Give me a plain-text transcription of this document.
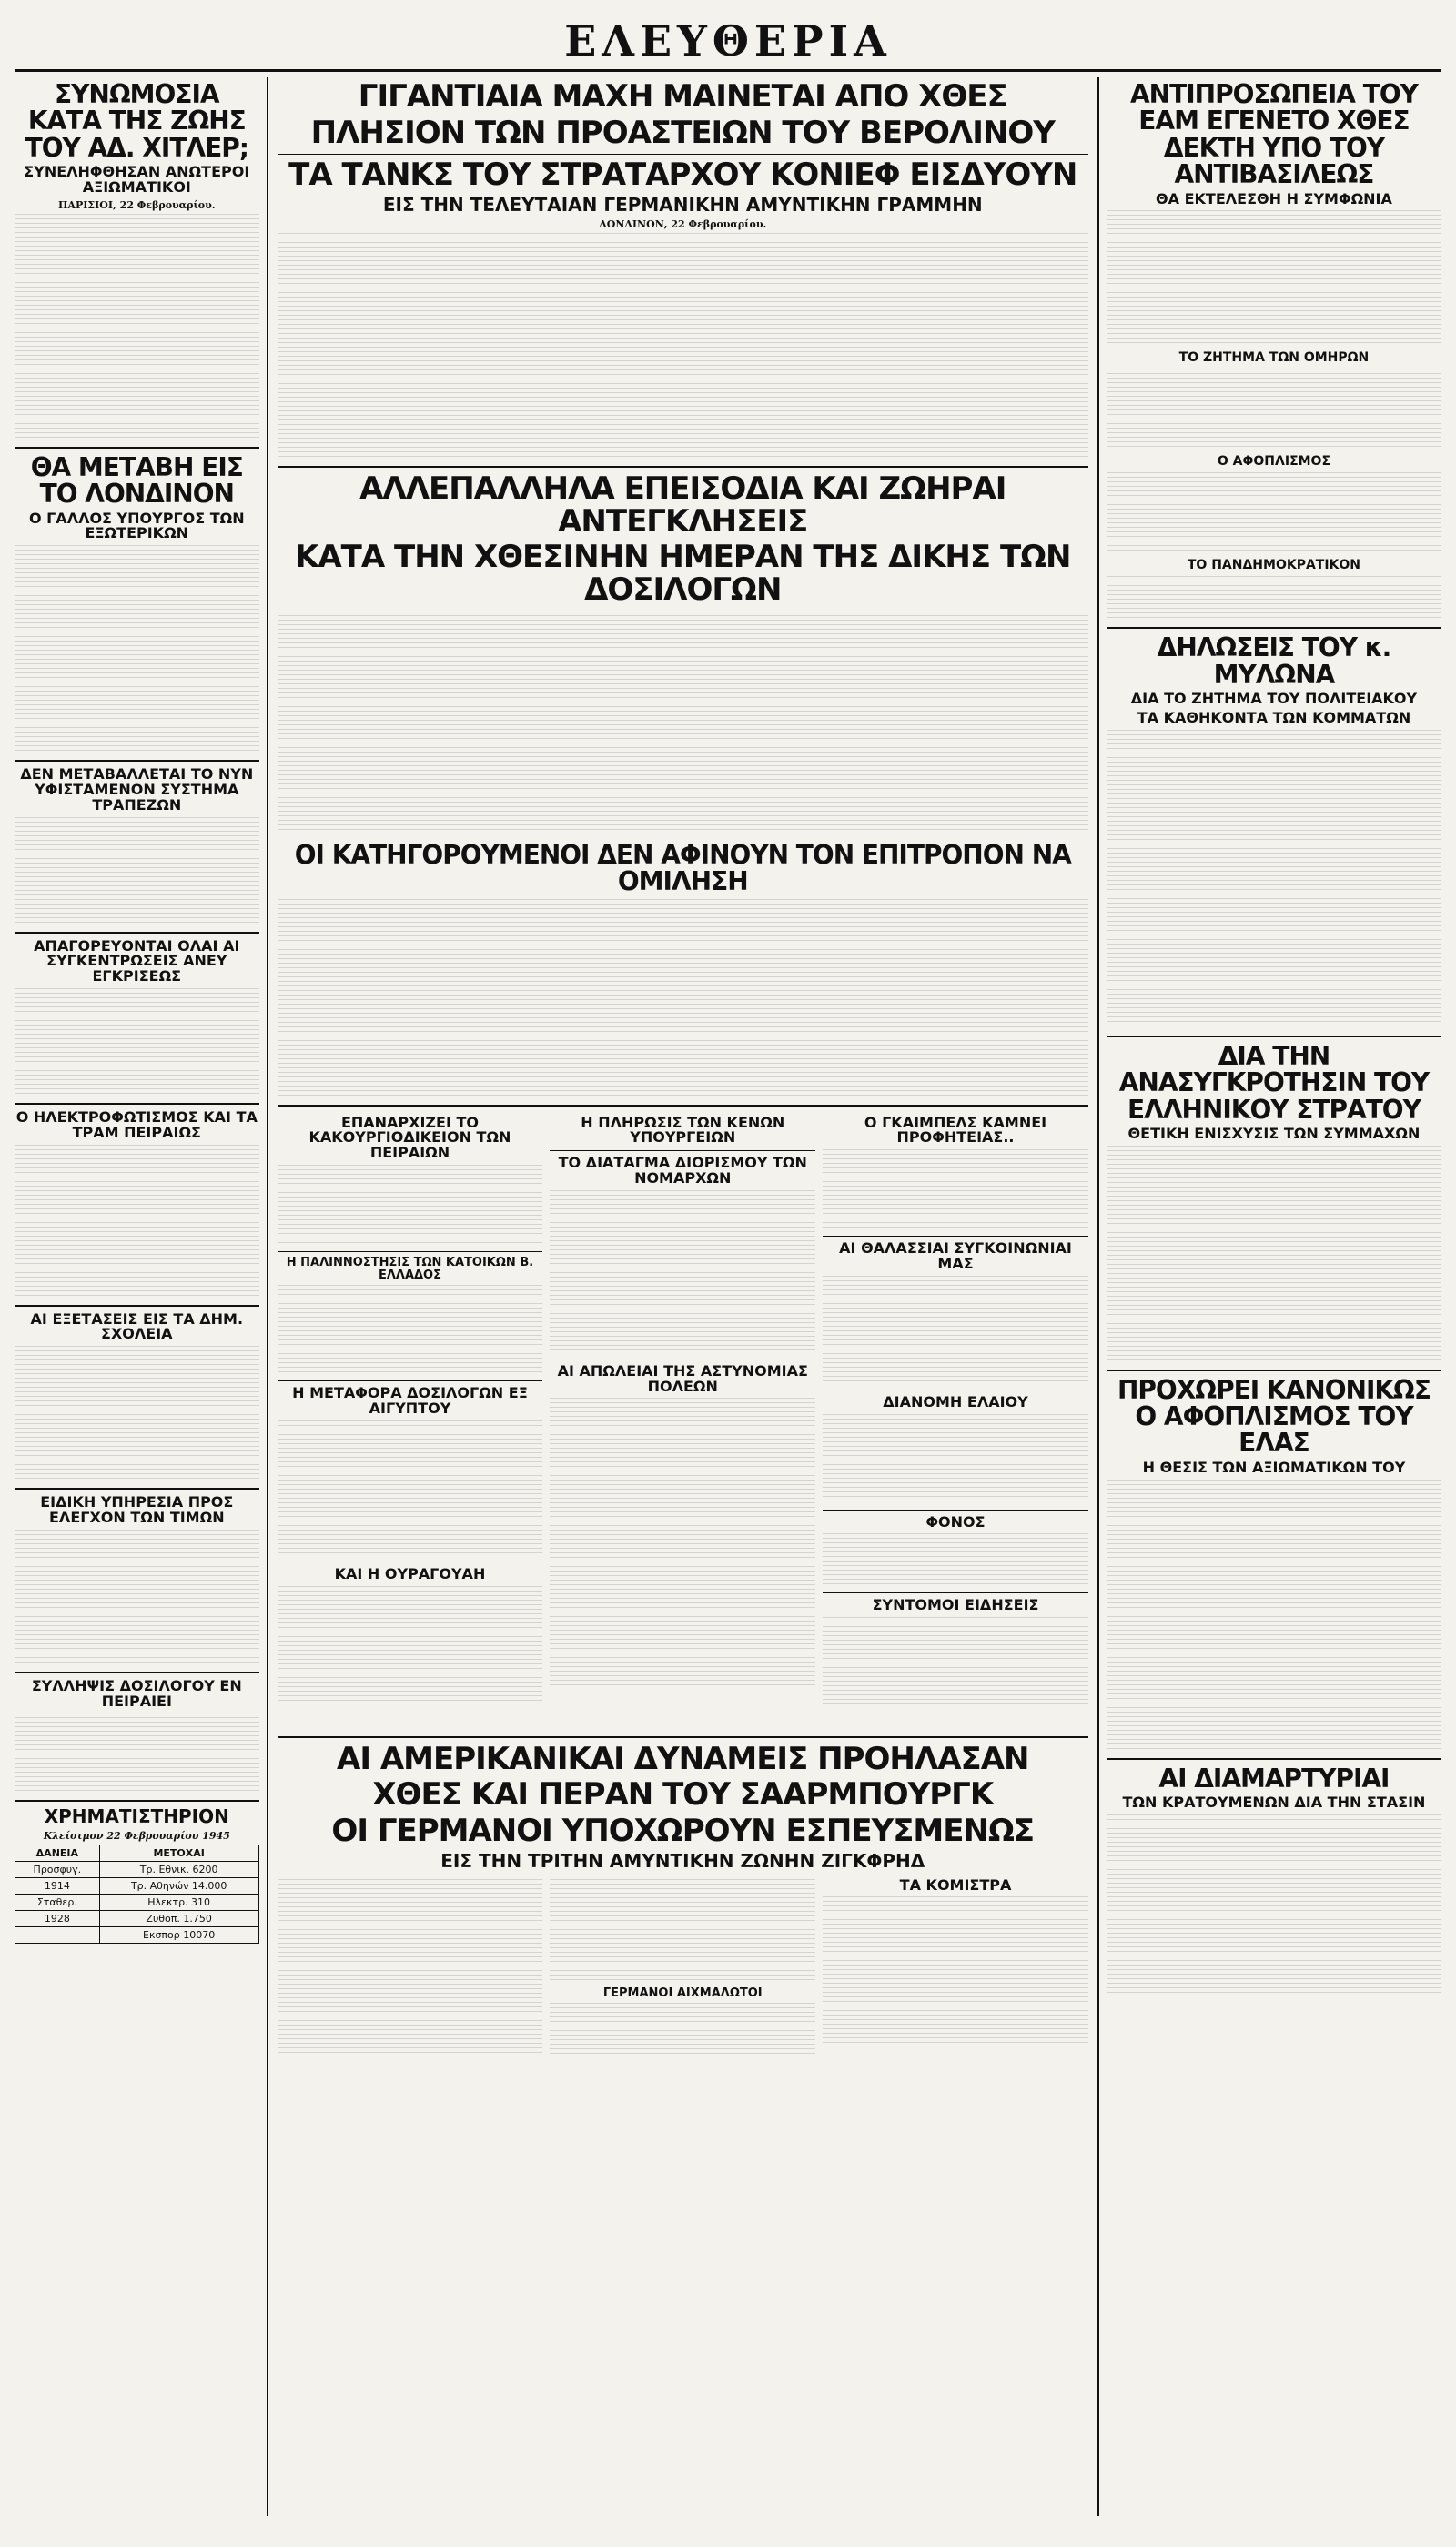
ΕΛΕΥΘΕΡΙΑ
ΣΥΝΩΜΟΣΙΑ ΚΑΤΑ ΤΗΣ ΖΩΗΣ ΤΟΥ ΑΔ. ΧΙΤΛΕΡ;
ΣΥΝΕΛΗΦΘΗΣΑΝ ΑΝΩΤΕΡΟΙ ΑΞΙΩΜΑΤΙΚΟΙ
ΠΑΡΙΣΙΟΙ, 22 Φεβρουαρίου.
ΘΑ ΜΕΤΑΒΗ ΕΙΣ ΤΟ ΛΟΝΔΙΝΟΝ
Ο ΓΑΛΛΟΣ ΥΠΟΥΡΓΟΣ ΤΩΝ ΕΞΩΤΕΡΙΚΩΝ
ΔΕΝ ΜΕΤΑΒΑΛΛΕΤΑΙ ΤΟ ΝΥΝ ΥΦΙΣΤΑΜΕΝΟΝ ΣΥΣΤΗΜΑ ΤΡΑΠΕΖΩΝ
ΑΠΑΓΟΡΕΥΟΝΤΑΙ ΟΛΑΙ ΑΙ ΣΥΓΚΕΝΤΡΩΣΕΙΣ ΑΝΕΥ ΕΓΚΡΙΣΕΩΣ
Ο ΗΛΕΚΤΡΟΦΩΤΙΣΜΟΣ ΚΑΙ ΤΑ ΤΡΑΜ ΠΕΙΡΑΙΩΣ
ΑΙ ΕΞΕΤΑΣΕΙΣ ΕΙΣ ΤΑ ΔΗΜ. ΣΧΟΛΕΙΑ
ΕΙΔΙΚΗ ΥΠΗΡΕΣΙΑ ΠΡΟΣ ΕΛΕΓΧΟΝ ΤΩΝ ΤΙΜΩΝ
ΣΥΛΛΗΨΙΣ ΔΟΣΙΛΟΓΟΥ ΕΝ ΠΕΙΡΑΙΕΙ
ΧΡΗΜΑΤΙΣΤΗΡΙΟΝ
Κλείσιμον 22 Φεβρουαρίου 1945
ΔΑΝΕΙΑ	ΜΕΤΟΧΑΙ
Προσφυγ.	Τρ. Εθνικ. 6200
1914	Τρ. Αθηνών 14.000
Σταθερ.	Ηλεκτρ. 310
1928	Ζυθοπ. 1.750
	Εκσπορ 10070
ΓΙΓΑΝΤΙΑΙΑ ΜΑΧΗ ΜΑΙΝΕΤΑΙ ΑΠΟ ΧΘΕΣ
ΠΛΗΣΙΟΝ ΤΩΝ ΠΡΟΑΣΤΕΙΩΝ ΤΟΥ ΒΕΡΟΛΙΝΟΥ
ΤΑ ΤΑΝΚΣ ΤΟΥ ΣΤΡΑΤΑΡΧΟΥ ΚΟΝΙΕΦ ΕΙΣΔΥΟΥΝ
ΕΙΣ ΤΗΝ ΤΕΛΕΥΤΑΙΑΝ ΓΕΡΜΑΝΙΚΗΝ ΑΜΥΝΤΙΚΗΝ ΓΡΑΜΜΗΝ
ΛΟΝΔΙΝΟΝ, 22 Φεβρουαρίου.
ΑΛΛΕΠΑΛΛΗΛΑ ΕΠΕΙΣΟΔΙΑ ΚΑΙ ΖΩΗΡΑΙ ΑΝΤΕΓΚΛΗΣΕΙΣ
ΚΑΤΑ ΤΗΝ ΧΘΕΣΙΝΗΝ ΗΜΕΡΑΝ ΤΗΣ ΔΙΚΗΣ ΤΩΝ ΔΟΣΙΛΟΓΩΝ
ΟΙ ΚΑΤΗΓΟΡΟΥΜΕΝΟΙ ΔΕΝ ΑΦΙΝΟΥΝ ΤΟΝ ΕΠΙΤΡΟΠΟΝ ΝΑ ΟΜΙΛΗΣΗ
ΕΠΑΝΑΡΧΙΖΕΙ ΤΟ ΚΑΚΟΥΡΓΙΟΔΙΚΕΙΟΝ ΤΩΝ ΠΕΙΡΑΙΩΝ
Η ΠΑΛΙΝΝΟΣΤΗΣΙΣ ΤΩΝ ΚΑΤΟΙΚΩΝ Β. ΕΛΛΑΔΟΣ
Η ΜΕΤΑΦΟΡΑ ΔΟΣΙΛΟΓΩΝ ΕΞ ΑΙΓΥΠΤΟΥ
ΚΑΙ Η ΟΥΡΑΓΟΥΑΗ
Η ΠΛΗΡΩΣΙΣ ΤΩΝ ΚΕΝΩΝ ΥΠΟΥΡΓΕΙΩΝ
ΤΟ ΔΙΑΤΑΓΜΑ ΔΙΟΡΙΣΜΟΥ ΤΩΝ ΝΟΜΑΡΧΩΝ
ΑΙ ΑΠΩΛΕΙΑΙ ΤΗΣ ΑΣΤΥΝΟΜΙΑΣ ΠΟΛΕΩΝ
Ο ΓΚΑΙΜΠΕΛΣ ΚΑΜΝΕΙ ΠΡΟΦΗΤΕΙΑΣ..
ΑΙ ΘΑΛΑΣΣΙΑΙ ΣΥΓΚΟΙΝΩΝΙΑΙ ΜΑΣ
ΔΙΑΝΟΜΗ ΕΛΑΙΟΥ
ΦΟΝΟΣ
ΣΥΝΤΟΜΟΙ ΕΙΔΗΣΕΙΣ
ΑΙ ΑΜΕΡΙΚΑΝΙΚΑΙ ΔΥΝΑΜΕΙΣ ΠΡΟΗΛΑΣΑΝ
ΧΘΕΣ ΚΑΙ ΠΕΡΑΝ ΤΟΥ ΣΑΑΡΜΠΟΥΡΓΚ
ΟΙ ΓΕΡΜΑΝΟΙ ΥΠΟΧΩΡΟΥΝ ΕΣΠΕΥΣΜΕΝΩΣ
ΕΙΣ ΤΗΝ ΤΡΙΤΗΝ ΑΜΥΝΤΙΚΗΝ ΖΩΝΗΝ ΖΙΓΚΦΡΗΔ
ΓΕΡΜΑΝΟΙ ΑΙΧΜΑΛΩΤΟΙ
ΤΑ ΚΟΜΙΣΤΡΑ
ΑΝΤΙΠΡΟΣΩΠΕΙΑ ΤΟΥ ΕΑΜ ΕΓΕΝΕΤΟ ΧΘΕΣ ΔΕΚΤΗ ΥΠΟ ΤΟΥ ΑΝΤΙΒΑΣΙΛΕΩΣ
ΘΑ ΕΚΤΕΛΕΣΘΗ Η ΣΥΜΦΩΝΙΑ
ΤΟ ΖΗΤΗΜΑ ΤΩΝ ΟΜΗΡΩΝ
Ο ΑΦΟΠΛΙΣΜΟΣ
ΤΟ ΠΑΝΔΗΜΟΚΡΑΤΙΚΟΝ
ΔΗΛΩΣΕΙΣ ΤΟΥ κ. ΜΥΛΩΝΑ
ΔΙΑ ΤΟ ΖΗΤΗΜΑ ΤΟΥ ΠΟΛΙΤΕΙΑΚΟΥ
ΤΑ ΚΑΘΗΚΟΝΤΑ ΤΩΝ ΚΟΜΜΑΤΩΝ
ΔΙΑ ΤΗΝ ΑΝΑΣΥΓΚΡΟΤΗΣΙΝ ΤΟΥ ΕΛΛΗΝΙΚΟΥ ΣΤΡΑΤΟΥ
ΘΕΤΙΚΗ ΕΝΙΣΧΥΣΙΣ ΤΩΝ ΣΥΜΜΑΧΩΝ
ΠΡΟΧΩΡΕΙ ΚΑΝΟΝΙΚΩΣ Ο ΑΦΟΠΛΙΣΜΟΣ ΤΟΥ ΕΛΑΣ
Η ΘΕΣΙΣ ΤΩΝ ΑΞΙΩΜΑΤΙΚΩΝ ΤΟΥ
ΑΙ ΔΙΑΜΑΡΤΥΡΙΑΙ
ΤΩΝ ΚΡΑΤΟΥΜΕΝΩΝ ΔΙΑ ΤΗΝ ΣΤΑΣΙΝ
